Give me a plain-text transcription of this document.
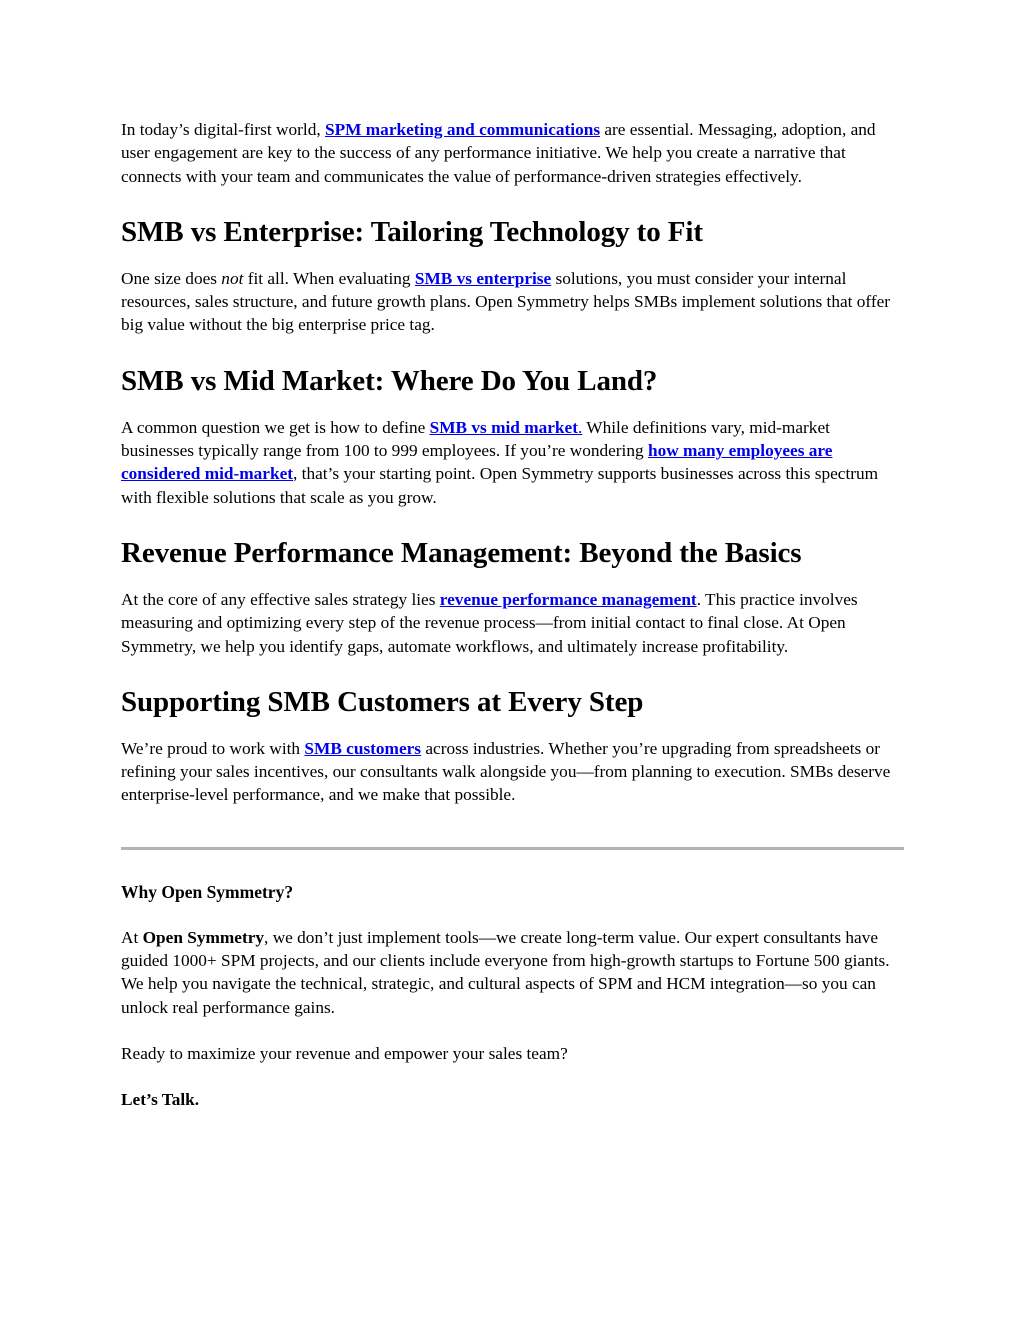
In today’s digital-first world, SPM marketing and communications are essential. Messaging, adoption, and user engagement are key to the success of any performance initiative. We help you create a narrative that connects with your team and communicates the value of performance-driven strategies effectively.

SMB vs Enterprise: Tailoring Technology to Fit

One size does not fit all. When evaluating SMB vs enterprise solutions, you must consider your internal resources, sales structure, and future growth plans. Open Symmetry helps SMBs implement solutions that offer big value without the big enterprise price tag.

SMB vs Mid Market: Where Do You Land?

A common question we get is how to define SMB vs mid market. While definitions vary, mid-market businesses typically range from 100 to 999 employees. If you’re wondering how many employees are considered mid-market, that’s your starting point. Open Symmetry supports businesses across this spectrum with flexible solutions that scale as you grow.

Revenue Performance Management: Beyond the Basics

At the core of any effective sales strategy lies revenue performance management. This practice involves measuring and optimizing every step of the revenue process—from initial contact to final close. At Open Symmetry, we help you identify gaps, automate workflows, and ultimately increase profitability.

Supporting SMB Customers at Every Step

We’re proud to work with SMB customers across industries. Whether you’re upgrading from spreadsheets or refining your sales incentives, our consultants walk alongside you—from planning to execution. SMBs deserve enterprise-level performance, and we make that possible.

Why Open Symmetry?

At Open Symmetry, we don’t just implement tools—we create long-term value. Our expert consultants have guided 1000+ SPM projects, and our clients include everyone from high-growth startups to Fortune 500 giants. We help you navigate the technical, strategic, and cultural aspects of SPM and HCM integration—so you can unlock real performance gains.

Ready to maximize your revenue and empower your sales team?

Let’s Talk.
